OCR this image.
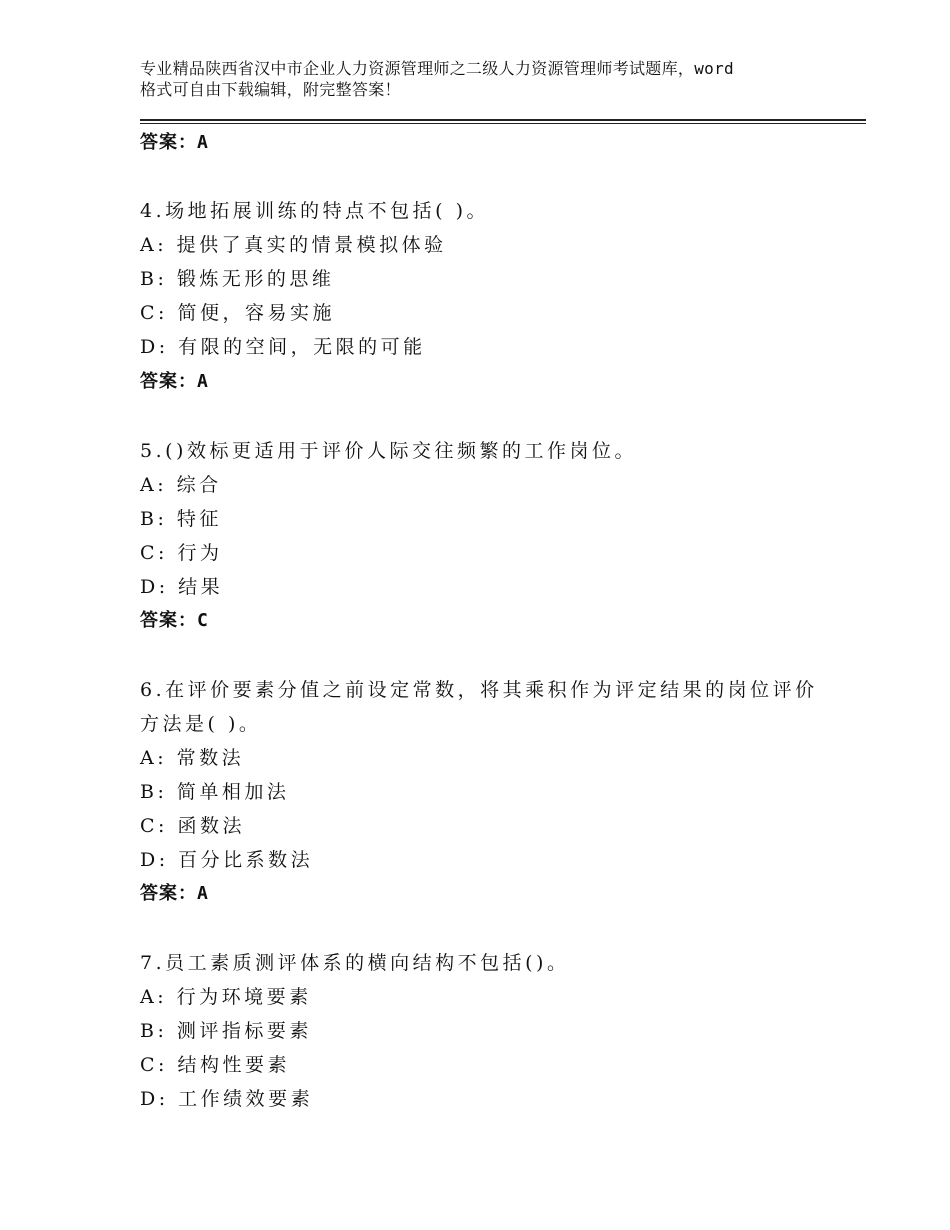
专业精品陕西省汉中市企业人力资源管理师之二级人力资源管理师考试题库，word
格式可自由下载编辑，附完整答案！
答案：A
4.场地拓展训练的特点不包括( )。
A: 提供了真实的情景模拟体验
B: 锻炼无形的思维
C: 简便，容易实施
D: 有限的空间，无限的可能
答案：A
5.()效标更适用于评价人际交往频繁的工作岗位。
A: 综合
B: 特征
C: 行为
D: 结果
答案：C
6.在评价要素分值之前设定常数，将其乘积作为评定结果的岗位评价
方法是( )。
A: 常数法
B: 简单相加法
C: 函数法
D: 百分比系数法
答案：A
7.员工素质测评体系的横向结构不包括()。
A: 行为环境要素
B: 测评指标要素
C: 结构性要素
D: 工作绩效要素
